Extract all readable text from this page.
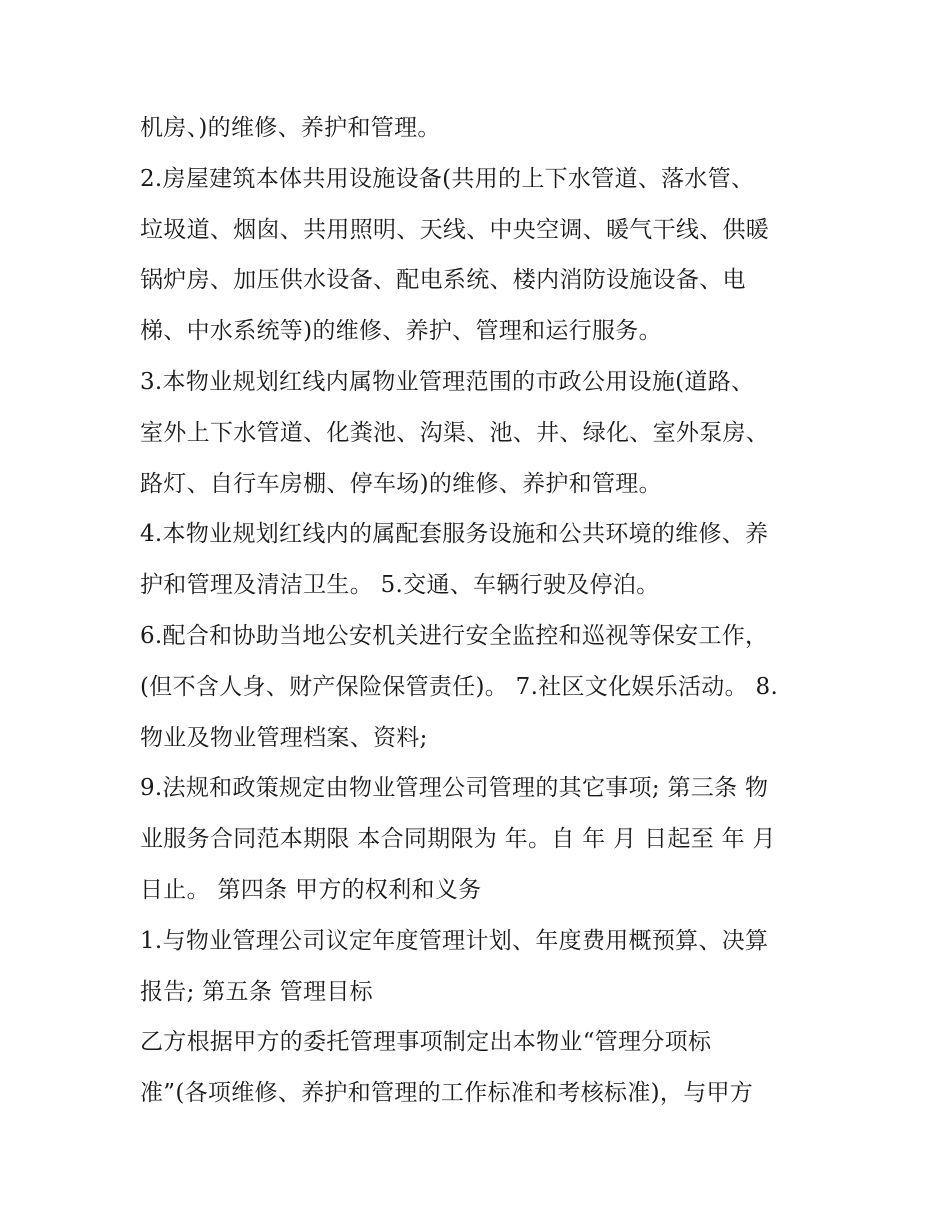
机房、)的维修、养护和管理。
2.房屋建筑本体共用设施设备(共用的上下水管道、落水管、
垃圾道、烟囱、共用照明、天线、中央空调、暖气干线、供暖
锅炉房、加压供水设备、配电系统、楼内消防设施设备、电
梯、中水系统等)的维修、养护、管理和运行服务。
3.本物业规划红线内属物业管理范围的市政公用设施(道路、
室外上下水管道、化粪池、沟渠、池、井、绿化、室外泵房、
路灯、自行车房棚、停车场)的维修、养护和管理。
4.本物业规划红线内的属配套服务设施和公共环境的维修、养
护和管理及清洁卫生。 5.交通、车辆行驶及停泊。
6.配合和协助当地公安机关进行安全监控和巡视等保安工作，
(但不含人身、财产保险保管责任)。 7.社区文化娱乐活动。 8.
物业及物业管理档案、资料;
9.法规和政策规定由物业管理公司管理的其它事项; 第三条 物
业服务合同范本期限 本合同期限为 年。自 年 月 日起至 年 月
日止。 第四条 甲方的权利和义务
1.与物业管理公司议定年度管理计划、年度费用概预算、决算
报告; 第五条 管理目标
乙方根据甲方的委托管理事项制定出本物业“管理分项标
准”(各项维修、养护和管理的工作标准和考核标准)，与甲方
